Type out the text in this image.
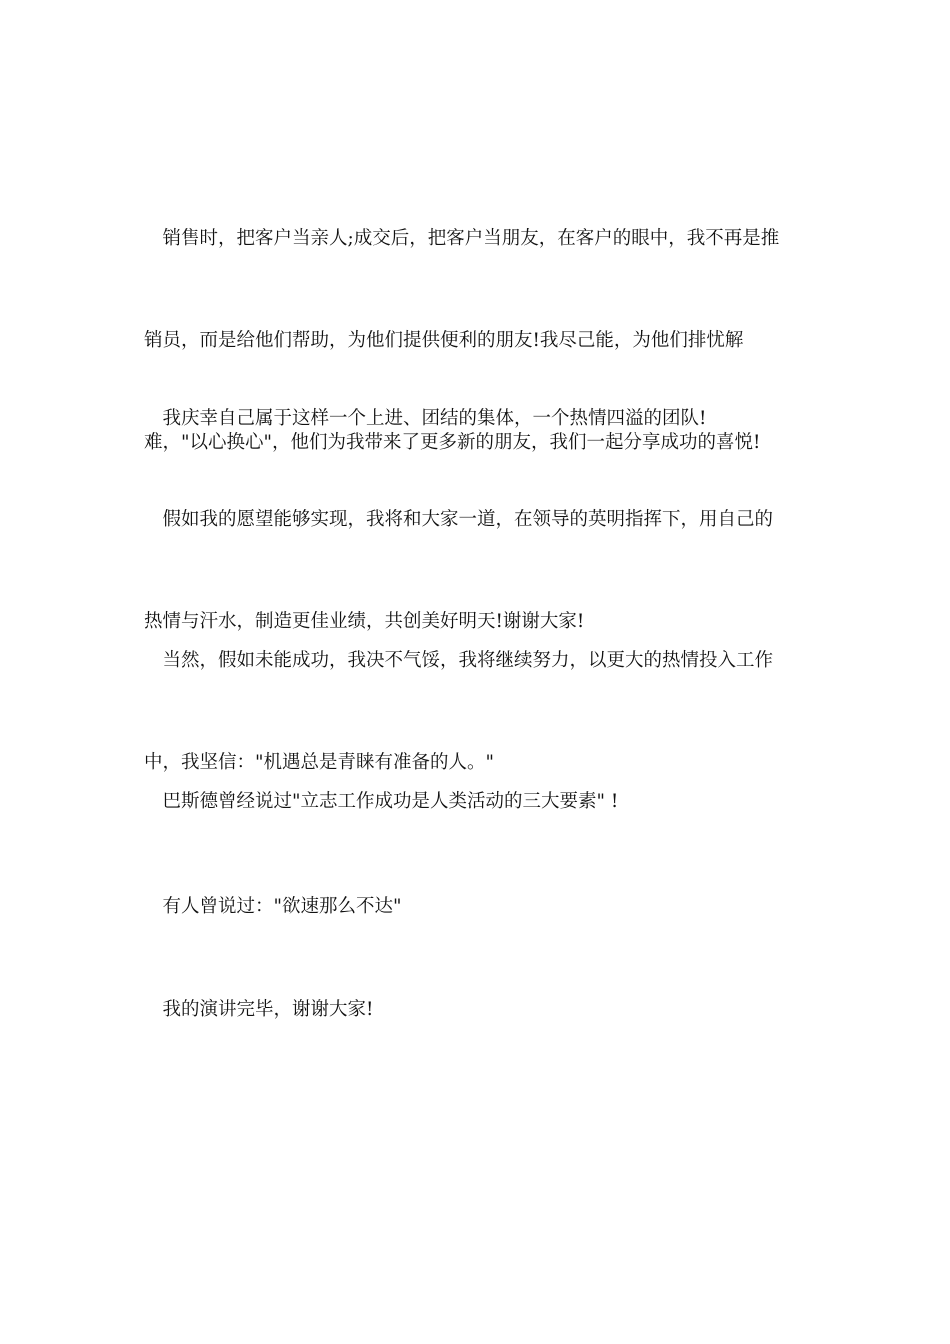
　销售时，把客户当亲人;成交后，把客户当朋友，在客户的眼中，我不再是推

销员，而是给他们帮助，为他们提供便利的朋友!我尽己能，为他们排忧解

难，"以心换心"，他们为我带来了更多新的朋友，我们一起分享成功的喜悦!

　我庆幸自己属于这样一个上进、团结的集体，一个热情四溢的团队!

　假如我的愿望能够实现，我将和大家一道，在领导的英明指挥下，用自己的

热情与汗水，制造更佳业绩，共创美好明天!谢谢大家!

　当然，假如未能成功，我决不气馁，我将继续努力，以更大的热情投入工作

中，我坚信："机遇总是青睐有准备的人。"

　巴斯德曾经说过"立志工作成功是人类活动的三大要素" !

　有人曾说过："欲速那么不达"

　我的演讲完毕，谢谢大家!
